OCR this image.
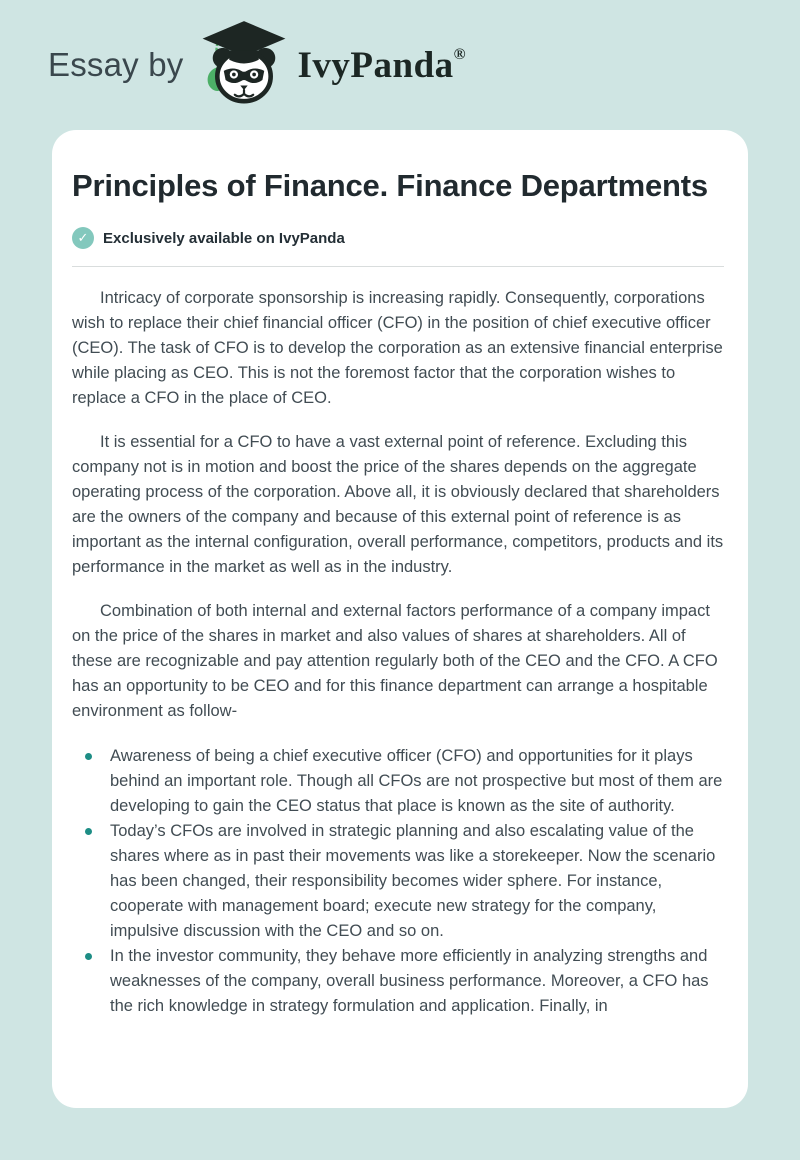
Essay by	IvyPanda®
Principles of Finance. Finance Departments
✓ Exclusively available on IvyPanda

Intricacy of corporate sponsorship is increasing rapidly. Consequently, corporations wish to replace their chief financial officer (CFO) in the position of chief executive officer (CEO). The task of CFO is to develop the corporation as an extensive financial enterprise while placing as CEO. This is not the foremost factor that the corporation wishes to replace a CFO in the place of CEO.

It is essential for a CFO to have a vast external point of reference. Excluding this company not is in motion and boost the price of the shares depends on the aggregate operating process of the corporation. Above all, it is obviously declared that shareholders are the owners of the company and because of this external point of reference is as important as the internal configuration, overall performance, competitors, products and its performance in the market as well as in the industry.

Combination of both internal and external factors performance of a company impact on the price of the shares in market and also values of shares at shareholders. All of these are recognizable and pay attention regularly both of the CEO and the CFO. A CFO has an opportunity to be CEO and for this finance department can arrange a hospitable environment as follow-

Awareness of being a chief executive officer (CFO) and opportunities for it plays behind an important role. Though all CFOs are not prospective but most of them are developing to gain the CEO status that place is known as the site of authority.
Today’s CFOs are involved in strategic planning and also escalating value of the shares where as in past their movements was like a storekeeper. Now the scenario has been changed, their responsibility becomes wider sphere. For instance, cooperate with management board; execute new strategy for the company, impulsive discussion with the CEO and so on.
In the investor community, they behave more efficiently in analyzing strengths and weaknesses of the company, overall business performance. Moreover, a CFO has the rich knowledge in strategy formulation and application. Finally, in
